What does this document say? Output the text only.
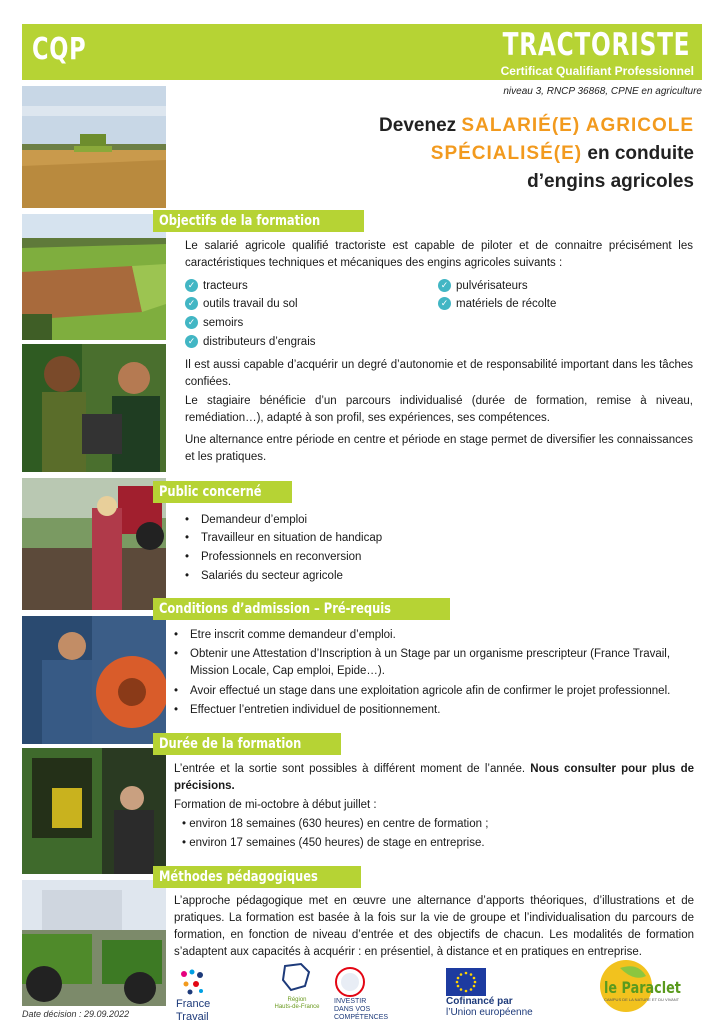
CQP	TRACTORISTE
Certificat Qualifiant Professionnel
niveau 3, RNCP 36868, CPNE en agriculture
Devenez SALARIÉ(E) AGRICOLE
SPÉCIALISÉ(E) en conduite
d’engins agricoles
Objectifs de la formation
Le salarié agricole qualifié tractoriste est capable de piloter et de connaitre précisément les caractéristiques techniques et mécaniques des engins agricoles suivants :
✓ tracteurs
✓ outils travail du sol
✓ semoirs
✓ distributeurs d’engrais
✓ pulvérisateurs
✓ matériels de récolte
Il est aussi capable d’acquérir un degré d’autonomie et de responsabilité important dans les tâches confiées.
Le stagiaire bénéficie d’un parcours individualisé (durée de formation, remise à niveau, remédiation…), adapté à son profil, ses expériences, ses compétences.
Une alternance entre période en centre et période en stage permet de diversifier les connaissances et les pratiques.
Public concerné
• Demandeur d’emploi
• Travailleur en situation de handicap
• Professionnels en reconversion
• Salariés du secteur agricole
Conditions d’admission – Pré-requis
• Etre inscrit comme demandeur d’emploi.
• Obtenir une Attestation d’Inscription à un Stage par un organisme prescripteur (France Travail, Mission Locale, Cap emploi, Epide…).
• Avoir effectué un stage dans une exploitation agricole afin de confirmer le projet professionnel.
• Effectuer l’entretien individuel de positionnement.
Durée de la formation
L’entrée et la sortie sont possibles à différent moment de l’année. Nous consulter pour plus de précisions.
Formation de mi-octobre à début juillet :
• environ 18 semaines (630 heures) en centre de formation ;
• environ 17 semaines (450 heures) de stage en entreprise.
Méthodes pédagogiques
L’approche pédagogique met en œuvre une alternance d’apports théoriques, d’illustrations et de pratiques. La formation est basée à la fois sur la vie de groupe et l’individualisation du parcours de formation, en fonction de niveau d’entrée et des objectifs de chacun. Les modalités de formation s’adaptent aux capacités à acquérir : en présentiel, à distance et en pratiques en entreprise.
France
Travail
Région
Hauts-de-France
INVESTIR
DANS VOS
COMPÉTENCES
Cofinancé par
l’Union européenne
le Paraclet
CAMPUS DE LA NATURE ET DU VIVANT
Date décision : 29.09.2022
